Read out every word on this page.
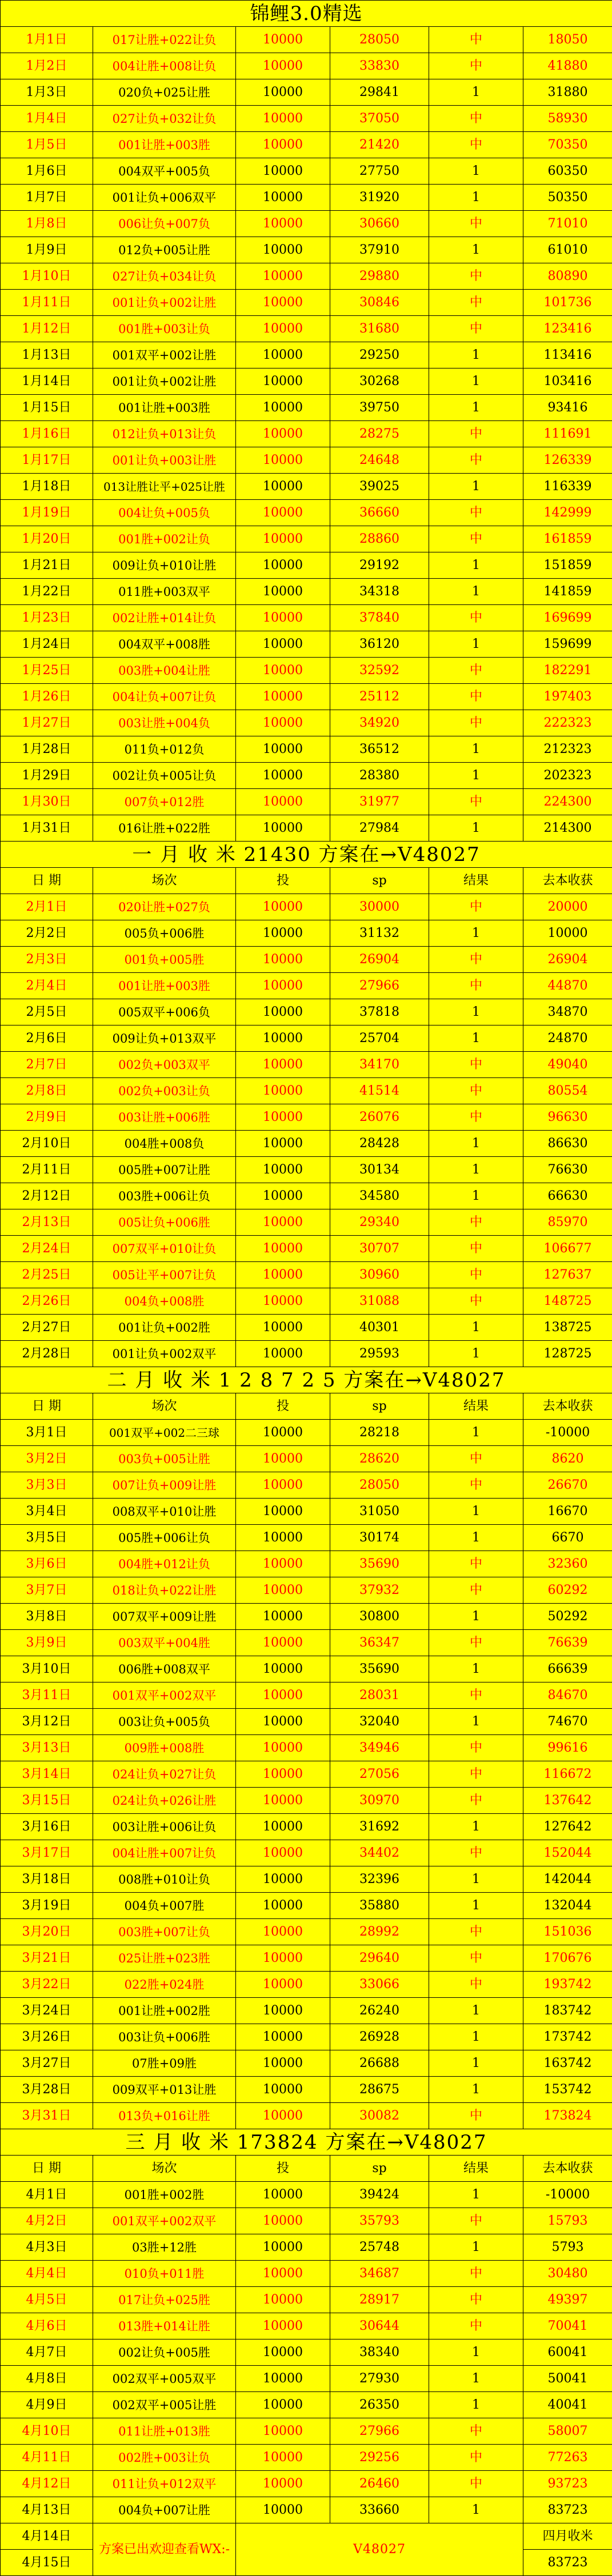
锦鲤3.0精选					
1月1日	017让胜+022让负	10000	28050	中	18050
1月2日	004让胜+008让负	10000	33830	中	41880
1月3日	020负+025让胜	10000	29841	1	31880
1月4日	027让负+032让负	10000	37050	中	58930
1月5日	001让胜+003胜	10000	21420	中	70350
1月6日	004双平+005负	10000	27750	1	60350
1月7日	001让负+006双平	10000	31920	1	50350
1月8日	006让负+007负	10000	30660	中	71010
1月9日	012负+005让胜	10000	37910	1	61010
1月10日	027让负+034让负	10000	29880	中	80890
1月11日	001让负+002让胜	10000	30846	中	101736
1月12日	001胜+003让负	10000	31680	中	123416
1月13日	001双平+002让胜	10000	29250	1	113416
1月14日	001让负+002让胜	10000	30268	1	103416
1月15日	001让胜+003胜	10000	39750	1	93416
1月16日	012让负+013让负	10000	28275	中	111691
1月17日	001让负+003让胜	10000	24648	中	126339
1月18日	013让胜让平+025让胜	10000	39025	1	116339
1月19日	004让负+005负	10000	36660	中	142999
1月20日	001胜+002让负	10000	28860	中	161859
1月21日	009让负+010让胜	10000	29192	1	151859
1月22日	011胜+003双平	10000	34318	1	141859
1月23日	002让胜+014让负	10000	37840	中	169699
1月24日	004双平+008胜	10000	36120	1	159699
1月25日	003胜+004让胜	10000	32592	中	182291
1月26日	004让负+007让负	10000	25112	中	197403
1月27日	003让胜+004负	10000	34920	中	222323
1月28日	011负+012负	10000	36512	1	212323
1月29日	002让负+005让负	10000	28380	1	202323
1月30日	007负+012胜	10000	31977	中	224300
1月31日	016让胜+022胜	10000	27984	1	214300
一 月 收 米 21430 方案在→V48027					
日 期	场次	投	sp	结果	去本收获
2月1日	020让胜+027负	10000	30000	中	20000
2月2日	005负+006胜	10000	31132	1	10000
2月3日	001负+005胜	10000	26904	中	26904
2月4日	001让胜+003胜	10000	27966	中	44870
2月5日	005双平+006负	10000	37818	1	34870
2月6日	009让负+013双平	10000	25704	1	24870
2月7日	002负+003双平	10000	34170	中	49040
2月8日	002负+003让负	10000	41514	中	80554
2月9日	003让胜+006胜	10000	26076	中	96630
2月10日	004胜+008负	10000	28428	1	86630
2月11日	005胜+007让胜	10000	30134	1	76630
2月12日	003胜+006让负	10000	34580	1	66630
2月13日	005让负+006胜	10000	29340	中	85970
2月24日	007双平+010让负	10000	30707	中	106677
2月25日	005让平+007让负	10000	30960	中	127637
2月26日	004负+008胜	10000	31088	中	148725
2月27日	001让负+002胜	10000	40301	1	138725
2月28日	001让负+002双平	10000	29593	1	128725
二 月 收 米 1 2 8 7 2 5 方案在→V48027					
日 期	场次	投	sp	结果	去本收获
3月1日	001双平+002二三球	10000	28218	1	-10000
3月2日	003负+005让胜	10000	28620	中	8620
3月3日	007让负+009让胜	10000	28050	中	26670
3月4日	008双平+010让胜	10000	31050	1	16670
3月5日	005胜+006让负	10000	30174	1	6670
3月6日	004胜+012让负	10000	35690	中	32360
3月7日	018让负+022让胜	10000	37932	中	60292
3月8日	007双平+009让胜	10000	30800	1	50292
3月9日	003双平+004胜	10000	36347	中	76639
3月10日	006胜+008双平	10000	35690	1	66639
3月11日	001双平+002双平	10000	28031	中	84670
3月12日	003让负+005负	10000	32040	1	74670
3月13日	009胜+008胜	10000	34946	中	99616
3月14日	024让负+027让负	10000	27056	中	116672
3月15日	024让负+026让胜	10000	30970	中	137642
3月16日	003让胜+006让负	10000	31692	1	127642
3月17日	004让胜+007让负	10000	34402	中	152044
3月18日	008胜+010让负	10000	32396	1	142044
3月19日	004负+007胜	10000	35880	1	132044
3月20日	003胜+007让负	10000	28992	中	151036
3月21日	025让胜+023胜	10000	29640	中	170676
3月22日	022胜+024胜	10000	33066	中	193742
3月24日	001让胜+002胜	10000	26240	1	183742
3月26日	003让负+006胜	10000	26928	1	173742
3月27日	07胜+09胜	10000	26688	1	163742
3月28日	009双平+013让胜	10000	28675	1	153742
3月31日	013负+016让胜	10000	30082	中	173824
三 月 收 米 173824 方案在→V48027					
日 期	场次	投	sp	结果	去本收获
4月1日	001胜+002胜	10000	39424	1	-10000
4月2日	001双平+002双平	10000	35793	中	15793
4月3日	03胜+12胜	10000	25748	1	5793
4月4日	010负+011胜	10000	34687	中	30480
4月5日	017让负+025胜	10000	28917	中	49397
4月6日	013胜+014让胜	10000	30644	中	70041
4月7日	002让负+005胜	10000	38340	1	60041
4月8日	002双平+005双平	10000	27930	1	50041
4月9日	002双平+005让胜	10000	26350	1	40041
4月10日	011让胜+013胜	10000	27966	中	58007
4月11日	002胜+003让负	10000	29256	中	77263
4月12日	011让负+012双平	10000	26460	中	93723
4月13日	004负+007让胜	10000	33660	1	83723
4月14日	方案已出欢迎查看WX:-	V48027			四月收米
4月15日					83723
